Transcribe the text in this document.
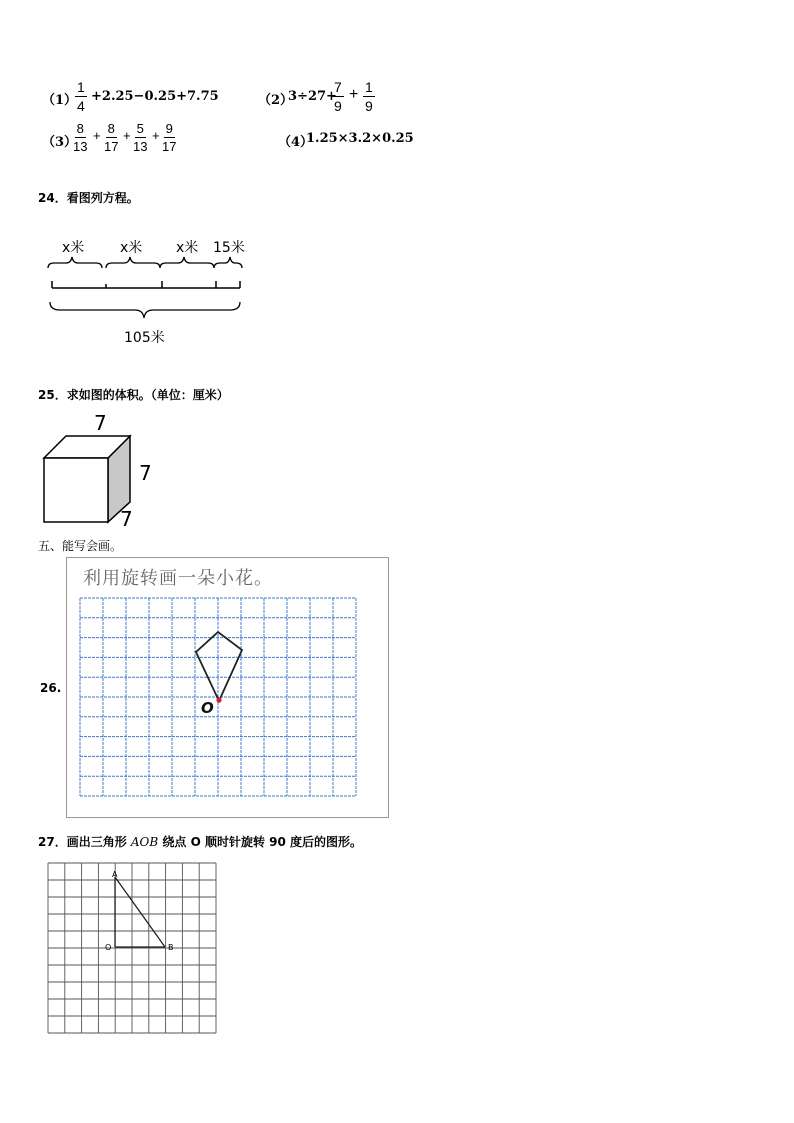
（1）
$\frac{1}{4} +2.25-0.25+7.75$	（2）
3÷27+
$\frac{7}{9} + \frac{1}{9}$
（3）
$\frac{8}{13} + \frac{8}{17} + \frac{5}{13} + \frac{9}{17}$	（4）
1.25×3.2×0.25
24．看图列方程。
x米	x米 x米 15米
105米
25．求如图的体积。（单位：厘米）
7
7
7
五、能写会画。
26.
利用旋转画一朵小花。
O
27．画出三角形 AOB 绕点 O 顺时针旋转 90 度后的图形。
A
O	B
